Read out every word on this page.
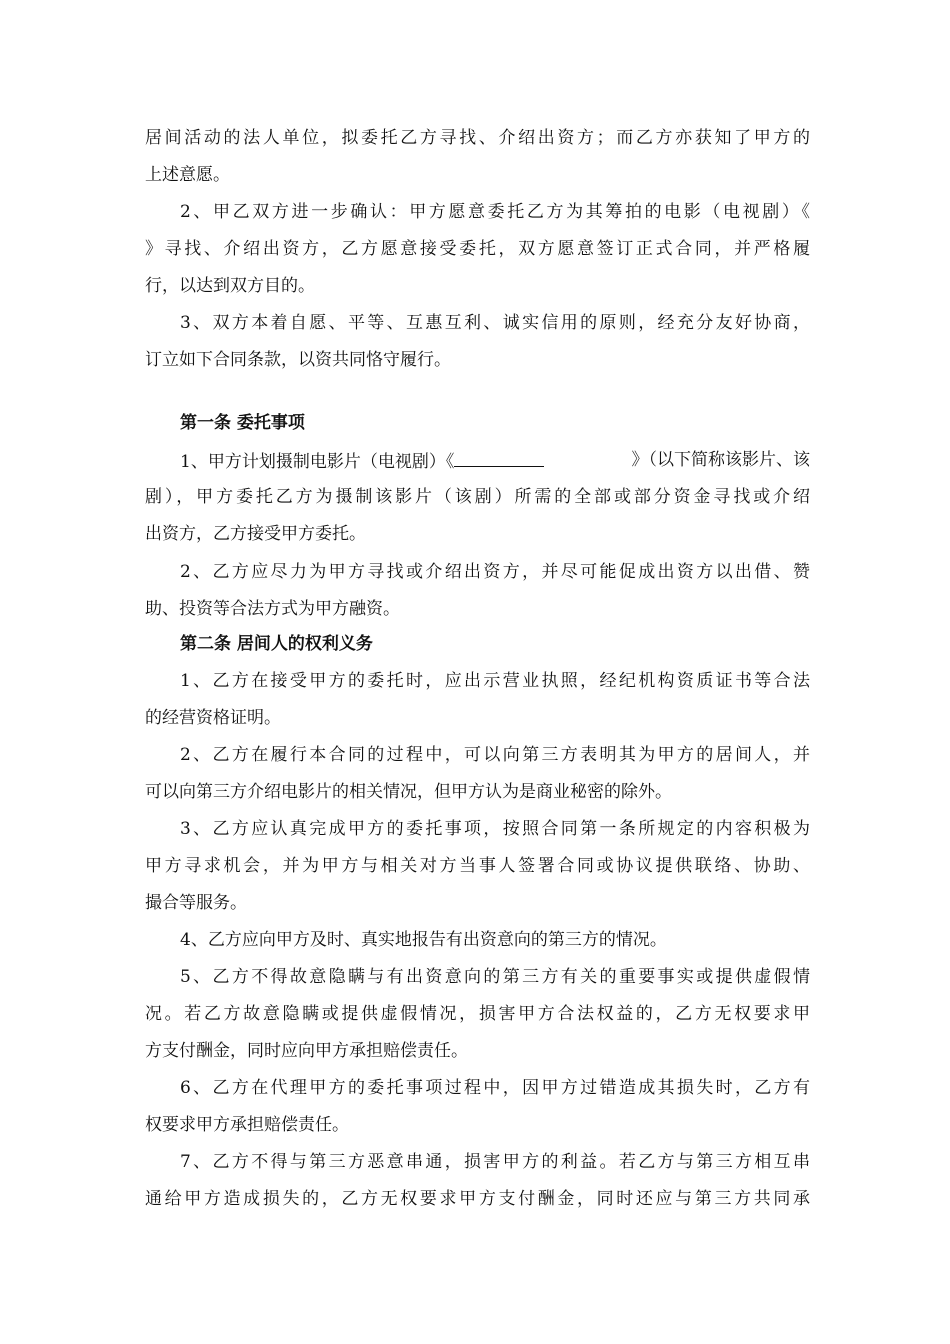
居间活动的法人单位，拟委托乙方寻找、介绍出资方；而乙方亦获知了甲方的
上述意愿。
2、甲乙双方进一步确认：甲方愿意委托乙方为其筹拍的电影（电视剧）《
》寻找、介绍出资方，乙方愿意接受委托，双方愿意签订正式合同，并严格履
行，以达到双方目的。
3、双方本着自愿、平等、互惠互利、诚实信用的原则，经充分友好协商，
订立如下合同条款，以资共同恪守履行。
第一条 委托事项
1、甲方计划摄制电影片（电视剧）《	》（以下简称该影片、该
剧），甲方委托乙方为摄制该影片（该剧）所需的全部或部分资金寻找或介绍
出资方，乙方接受甲方委托。
2、乙方应尽力为甲方寻找或介绍出资方，并尽可能促成出资方以出借、赞
助、投资等合法方式为甲方融资。
第二条 居间人的权利义务
1、乙方在接受甲方的委托时，应出示营业执照，经纪机构资质证书等合法
的经营资格证明。
2、乙方在履行本合同的过程中，可以向第三方表明其为甲方的居间人，并
可以向第三方介绍电影片的相关情况，但甲方认为是商业秘密的除外。
3、乙方应认真完成甲方的委托事项，按照合同第一条所规定的内容积极为
甲方寻求机会，并为甲方与相关对方当事人签署合同或协议提供联络、协助、
撮合等服务。
4、乙方应向甲方及时、真实地报告有出资意向的第三方的情况。
5、乙方不得故意隐瞒与有出资意向的第三方有关的重要事实或提供虚假情
况。若乙方故意隐瞒或提供虚假情况，损害甲方合法权益的，乙方无权要求甲
方支付酬金，同时应向甲方承担赔偿责任。
6、乙方在代理甲方的委托事项过程中，因甲方过错造成其损失时，乙方有
权要求甲方承担赔偿责任。
7、乙方不得与第三方恶意串通，损害甲方的利益。若乙方与第三方相互串
通给甲方造成损失的，乙方无权要求甲方支付酬金，同时还应与第三方共同承
